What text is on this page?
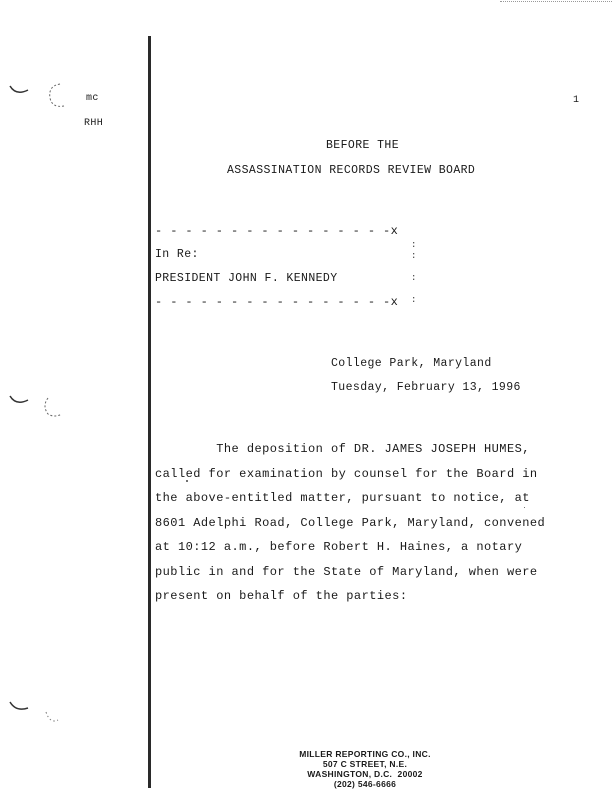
mc
RHH
1
BEFORE THE
ASSASSINATION RECORDS REVIEW BOARD
- - - - - - - - - - - - - - - -x
:
:

:

:
In Re:
PRESIDENT JOHN F. KENNEDY
- - - - - - - - - - - - - - - -x
College Park, Maryland
Tuesday, February 13, 1996
The deposition of DR. JAMES JOSEPH HUMES,
called for examination by counsel for the Board in
the above-entitled matter, pursuant to notice, at
8601 Adelphi Road, College Park, Maryland, convened
at 10:12 a.m., before Robert H. Haines, a notary
public in and for the State of Maryland, when were
present on behalf of the parties:
MILLER REPORTING CO., INC.
507 C STREET, N.E.
WASHINGTON, D.C.  20002
(202) 546-6666
